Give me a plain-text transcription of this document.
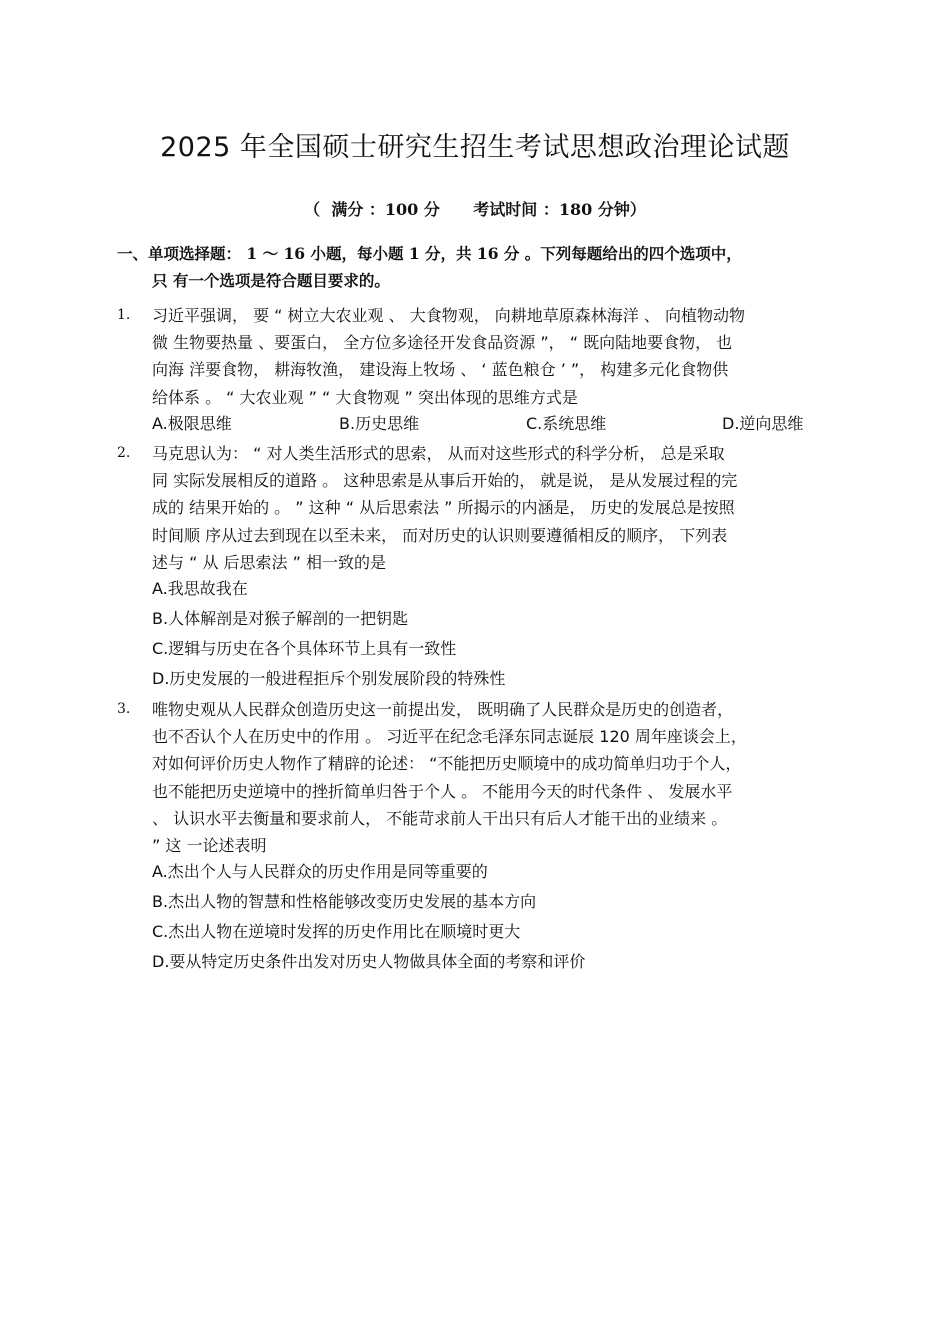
2025 年全国硕士研究生招生考试思想政治理论试题
（  满分 ：100 分      考试时间 ：180 分钟）
一、单项选择题： 1 ～ 16 小题，每小题 1 分，共 16 分 。下列每题给出的四个选项中，
只 有一个选项是符合题目要求的。
1. 习近平强调， 要 “ 树立大农业观 、 大食物观， 向耕地草原森林海洋 、 向植物动物
微 生物要热量 、要蛋白， 全方位多途径开发食品资源 ”， “ 既向陆地要食物， 也
向海 洋要食物， 耕海牧渔， 建设海上牧场 、 ‘ 蓝色粮仓 ’ ”， 构建多元化食物供
给体系 。 “ 大农业观 ” “ 大食物观 ” 突出体现的思维方式是
A.极限思维	B.历史思维	C.系统思维	D.逆向思维
2. 马克思认为： “ 对人类生活形式的思索， 从而对这些形式的科学分析， 总是采取
同 实际发展相反的道路 。 这种思索是从事后开始的， 就是说， 是从发展过程的完
成的 结果开始的 。 ” 这种 “ 从后思索法 ” 所揭示的内涵是， 历史的发展总是按照
时间顺 序从过去到现在以至未来， 而对历史的认识则要遵循相反的顺序， 下列表
述与 “ 从 后思索法 ” 相一致的是
A.我思故我在
B.人体解剖是对猴子解剖的一把钥匙
C.逻辑与历史在各个具体环节上具有一致性
D.历史发展的一般进程拒斥个别发展阶段的特殊性
3. 唯物史观从人民群众创造历史这一前提出发， 既明确了人民群众是历史的创造者，
也不否认个人在历史中的作用 。 习近平在纪念毛泽东同志诞辰 120 周年座谈会上，
对如何评价历史人物作了精辟的论述： “不能把历史顺境中的成功简单归功于个人，
也不能把历史逆境中的挫折简单归咎于个人 。 不能用今天的时代条件 、 发展水平
、 认识水平去衡量和要求前人， 不能苛求前人干出只有后人才能干出的业绩来 。
” 这 一论述表明
A.杰出个人与人民群众的历史作用是同等重要的
B.杰出人物的智慧和性格能够改变历史发展的基本方向
C.杰出人物在逆境时发挥的历史作用比在顺境时更大
D.要从特定历史条件出发对历史人物做具体全面的考察和评价
